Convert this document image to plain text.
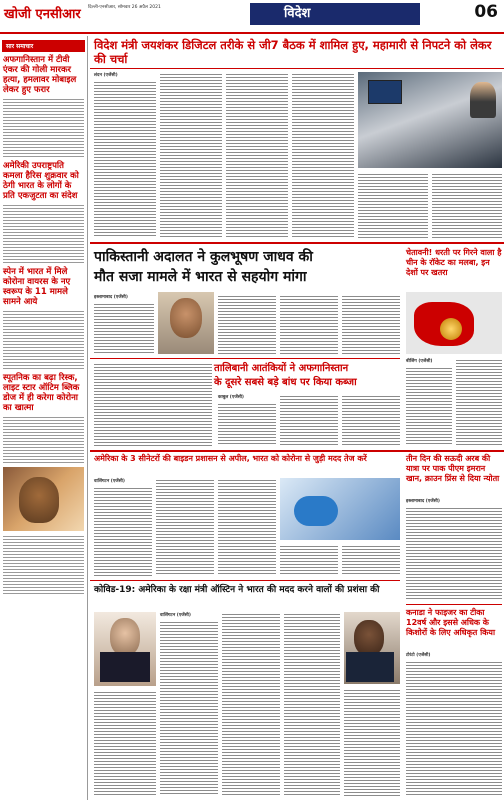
खोजी एनसीआर दिल्ली-एनसीआर, सोमवार 26 अप्रैल 2021	विदेश	06
सार समाचार
अफगानिस्तान में टीवी एंकर की गोली मारकर हत्या, हमलावर मोबाइल लेकर हुए फरार
अमेरिकी उपराष्ट्रपति कमला हैरिस शुक्रवार को ठेगी भारत के लोगों के प्रति एकजुटता का संदेश
स्पेन में भारत में मिले कोरोना वायरस के नए स्वरूप के 11 मामले सामने आये
स्पूतनिक का बढ़ा रिस्क, लाइट स्टार ऑटिम ब्लिक डोज में ही करेगा कोरोना का खात्मा
विदेश मंत्री जयशंकर डिजिटल तरीके से जी7 बैठक में शामिल हुए, महामारी से निपटने को लेकर की चर्चा
लंदन (एजेंसी)
पाकिस्तानी अदालत ने कुलभूषण जाधव की
मौत सजा मामले में भारत से सहयोग मांगा
इस्लामाबाद (एजेंसी)
चेतावनी! धरती पर गिरने वाला है चीन के रॉकेट का मलबा, इन देशों पर खतरा
तालिबानी आतंकियों ने अफगानिस्तान
के दूसरे सबसे बड़े बांध पर किया कब्जा
काबुल (एजेंसी)
बीजिंग (एजेंसी)
अमेरिका के 3 सीनेटरों की बाइडन प्रशासन से अपील, भारत को कोरोना से जुड़ी मदद तेज करें
वाशिंगटन (एजेंसी)
तीन दिन की सऊदी अरब की यात्रा पर पाक पीएम इमरान खान, क्राउन प्रिंस से दिया न्योता
इस्लामाबाद (एजेंसी)
कोविड-19: अमेरिका के रक्षा मंत्री ऑस्टिन ने भारत की मदद करने वालों की प्रशंसा की
वाशिंगटन (एजेंसी)	कनाडा ने फाइजर का टीका 12वर्ष और इससे अधिक के किशोरों के लिए अधिकृत किया
टोरंटो (एजेंसी)
